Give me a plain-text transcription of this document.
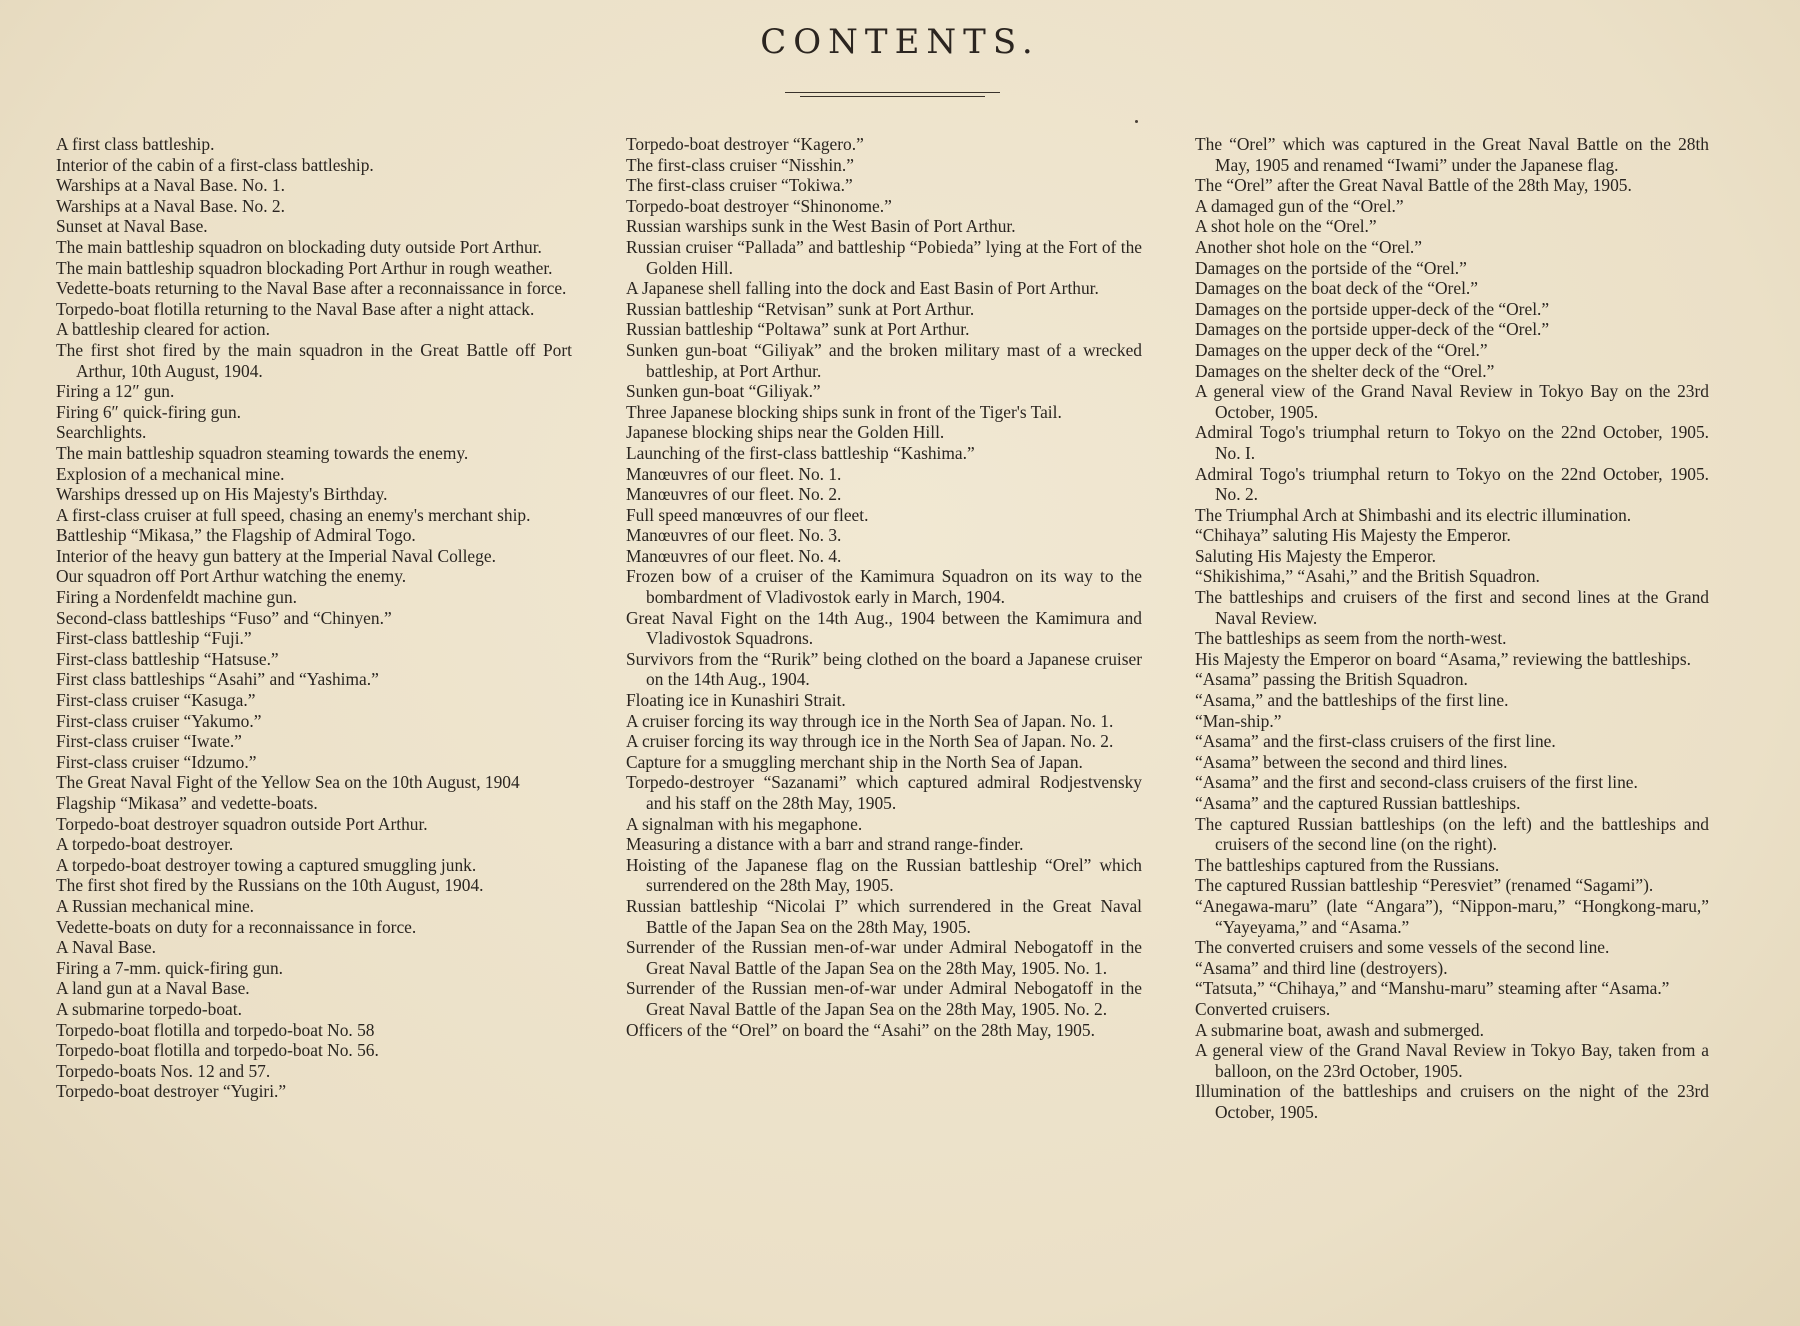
CONTENTS.
A first class battleship.
Interior of the cabin of a first-class battleship.
Warships at a Naval Base. No. 1.
Warships at a Naval Base. No. 2.
Sunset at Naval Base.
The main battleship squadron on blockading duty outside Port Arthur.
The main battleship squadron blockading Port Arthur in rough weather.
Vedette-boats returning to the Naval Base after a reconnaissance in force.
Torpedo-boat flotilla returning to the Naval Base after a night attack.
A battleship cleared for action.
The first shot fired by the main squadron in the Great Battle off Port Arthur, 10th August, 1904.
Firing a 12″ gun.
Firing 6″ quick-firing gun.
Searchlights.
The main battleship squadron steaming towards the enemy.
Explosion of a mechanical mine.
Warships dressed up on His Majesty's Birthday.
A first-class cruiser at full speed, chasing an enemy's merchant ship.
Battleship “Mikasa,” the Flagship of Admiral Togo.
Interior of the heavy gun battery at the Imperial Naval College.
Our squadron off Port Arthur watching the enemy.
Firing a Nordenfeldt machine gun.
Second-class battleships “Fuso” and “Chinyen.”
First-class battleship “Fuji.”
First-class battleship “Hatsuse.”
First class battleships “Asahi” and “Yashima.”
First-class cruiser “Kasuga.”
First-class cruiser “Yakumo.”
First-class cruiser “Iwate.”
First-class cruiser “Idzumo.”
The Great Naval Fight of the Yellow Sea on the 10th August, 1904
Flagship “Mikasa” and vedette-boats.
Torpedo-boat destroyer squadron outside Port Arthur.
A torpedo-boat destroyer.
A torpedo-boat destroyer towing a captured smuggling junk.
The first shot fired by the Russians on the 10th August, 1904.
A Russian mechanical mine.
Vedette-boats on duty for a reconnaissance in force.
A Naval Base.
Firing a 7-mm. quick-firing gun.
A land gun at a Naval Base.
A submarine torpedo-boat.
Torpedo-boat flotilla and torpedo-boat No. 58
Torpedo-boat flotilla and torpedo-boat No. 56.
Torpedo-boats Nos. 12 and 57.
Torpedo-boat destroyer “Yugiri.”
Torpedo-boat destroyer “Kagero.”
The first-class cruiser “Nisshin.”
The first-class cruiser “Tokiwa.”
Torpedo-boat destroyer “Shinonome.”
Russian warships sunk in the West Basin of Port Arthur.
Russian cruiser “Pallada” and battleship “Pobieda” lying at the Fort of the Golden Hill.
A Japanese shell falling into the dock and East Basin of Port Arthur.
Russian battleship “Retvisan” sunk at Port Arthur.
Russian battleship “Poltawa” sunk at Port Arthur.
Sunken gun-boat “Giliyak” and the broken military mast of a wrecked battleship, at Port Arthur.
Sunken gun-boat “Giliyak.”
Three Japanese blocking ships sunk in front of the Tiger's Tail.
Japanese blocking ships near the Golden Hill.
Launching of the first-class battleship “Kashima.”
Manœuvres of our fleet. No. 1.
Manœuvres of our fleet. No. 2.
Full speed manœuvres of our fleet.
Manœuvres of our fleet. No. 3.
Manœuvres of our fleet. No. 4.
Frozen bow of a cruiser of the Kamimura Squadron on its way to the bombardment of Vladivostok early in March, 1904.
Great Naval Fight on the 14th Aug., 1904 between the Kamimura and Vladivostok Squadrons.
Survivors from the “Rurik” being clothed on the board a Japanese cruiser on the 14th Aug., 1904.
Floating ice in Kunashiri Strait.
A cruiser forcing its way through ice in the North Sea of Japan. No. 1.
A cruiser forcing its way through ice in the North Sea of Japan. No. 2.
Capture for a smuggling merchant ship in the North Sea of Japan.
Torpedo-destroyer “Sazanami” which captured admiral Rodjestvensky and his staff on the 28th May, 1905.
A signalman with his megaphone.
Measuring a distance with a barr and strand range-finder.
Hoisting of the Japanese flag on the Russian battleship “Orel” which surrendered on the 28th May, 1905.
Russian battleship “Nicolai I” which surrendered in the Great Naval Battle of the Japan Sea on the 28th May, 1905.
Surrender of the Russian men-of-war under Admiral Nebogatoff in the Great Naval Battle of the Japan Sea on the 28th May, 1905. No. 1.
Surrender of the Russian men-of-war under Admiral Nebogatoff in the Great Naval Battle of the Japan Sea on the 28th May, 1905. No. 2.
Officers of the “Orel” on board the “Asahi” on the 28th May, 1905.
The “Orel” which was captured in the Great Naval Battle on the 28th May, 1905 and renamed “Iwami” under the Japanese flag.
The “Orel” after the Great Naval Battle of the 28th May, 1905.
A damaged gun of the “Orel.”
A shot hole on the “Orel.”
Another shot hole on the “Orel.”
Damages on the portside of the “Orel.”
Damages on the boat deck of the “Orel.”
Damages on the portside upper-deck of the “Orel.”
Damages on the portside upper-deck of the “Orel.”
Damages on the upper deck of the “Orel.”
Damages on the shelter deck of the “Orel.”
A general view of the Grand Naval Review in Tokyo Bay on the 23rd October, 1905.
Admiral Togo's triumphal return to Tokyo on the 22nd October, 1905. No. I.
Admiral Togo's triumphal return to Tokyo on the 22nd October, 1905. No. 2.
The Triumphal Arch at Shimbashi and its electric illumination.
“Chihaya” saluting His Majesty the Emperor.
Saluting His Majesty the Emperor.
“Shikishima,” “Asahi,” and the British Squadron.
The battleships and cruisers of the first and second lines at the Grand Naval Review.
The battleships as seem from the north-west.
His Majesty the Emperor on board “Asama,” reviewing the battleships.
“Asama” passing the British Squadron.
“Asama,” and the battleships of the first line.
“Man-ship.”
“Asama” and the first-class cruisers of the first line.
“Asama” between the second and third lines.
“Asama” and the first and second-class cruisers of the first line.
“Asama” and the captured Russian battleships.
The captured Russian battleships (on the left) and the battleships and cruisers of the second line (on the right).
The battleships captured from the Russians.
The captured Russian battleship “Peresviet” (renamed “Sagami”).
“Anegawa-maru” (late “Angara”), “Nippon-maru,” “Hongkong-maru,” “Yayeyama,” and “Asama.”
The converted cruisers and some vessels of the second line.
“Asama” and third line (destroyers).
“Tatsuta,” “Chihaya,” and “Manshu-maru” steaming after “Asama.”
Converted cruisers.
A submarine boat, awash and submerged.
A general view of the Grand Naval Review in Tokyo Bay, taken from a balloon, on the 23rd October, 1905.
Illumination of the battleships and cruisers on the night of the 23rd October, 1905.
